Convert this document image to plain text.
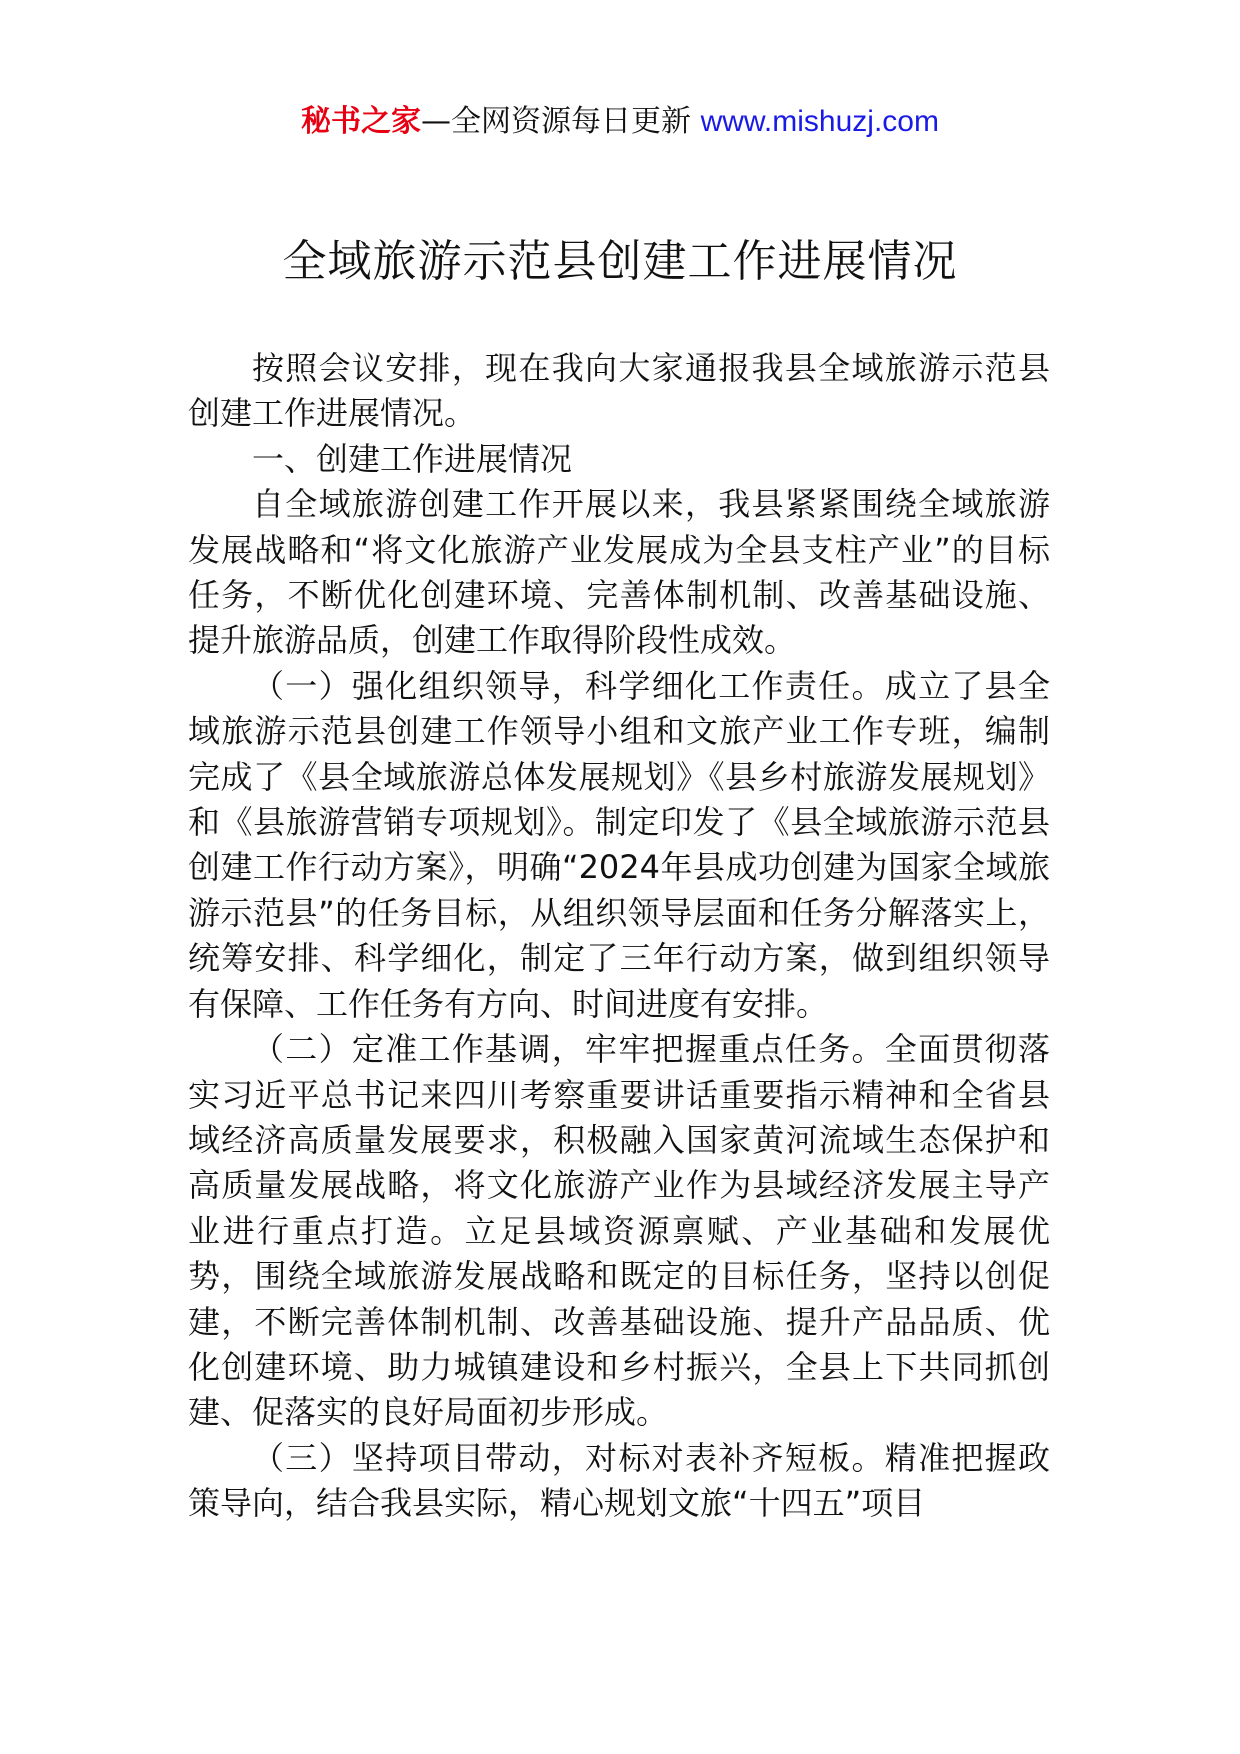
秘书之家—全网资源每日更新 www.mishuzj.com
全域旅游示范县创建工作进展情况

按照会议安排，现在我向大家通报我县全域旅游示范县创建工作进展情况。

一、创建工作进展情况

自全域旅游创建工作开展以来，我县紧紧围绕全域旅游发展战略和“将文化旅游产业发展成为全县支柱产业”的目标任务，不断优化创建环境、完善体制机制、改善基础设施、提升旅游品质，创建工作取得阶段性成效。

（一）强化组织领导，科学细化工作责任。成立了县全域旅游示范县创建工作领导小组和文旅产业工作专班，编制完成了《县全域旅游总体发展规划》《县乡村旅游发展规划》和《县旅游营销专项规划》。制定印发了《县全域旅游示范县创建工作行动方案》，明确“2024年县成功创建为国家全域旅游示范县”的任务目标，从组织领导层面和任务分解落实上，统筹安排、科学细化，制定了三年行动方案，做到组织领导有保障、工作任务有方向、时间进度有安排。

（二）定准工作基调，牢牢把握重点任务。全面贯彻落实习近平总书记来四川考察重要讲话重要指示精神和全省县域经济高质量发展要求，积极融入国家黄河流域生态保护和高质量发展战略，将文化旅游产业作为县域经济发展主导产业进行重点打造。立足县域资源禀赋、产业基础和发展优势，围绕全域旅游发展战略和既定的目标任务，坚持以创促建，不断完善体制机制、改善基础设施、提升产品品质、优化创建环境、助力城镇建设和乡村振兴，全县上下共同抓创建、促落实的良好局面初步形成。

（三）坚持项目带动，对标对表补齐短板。精准把握政策导向，结合我县实际，精心规划文旅“十四五”项目
